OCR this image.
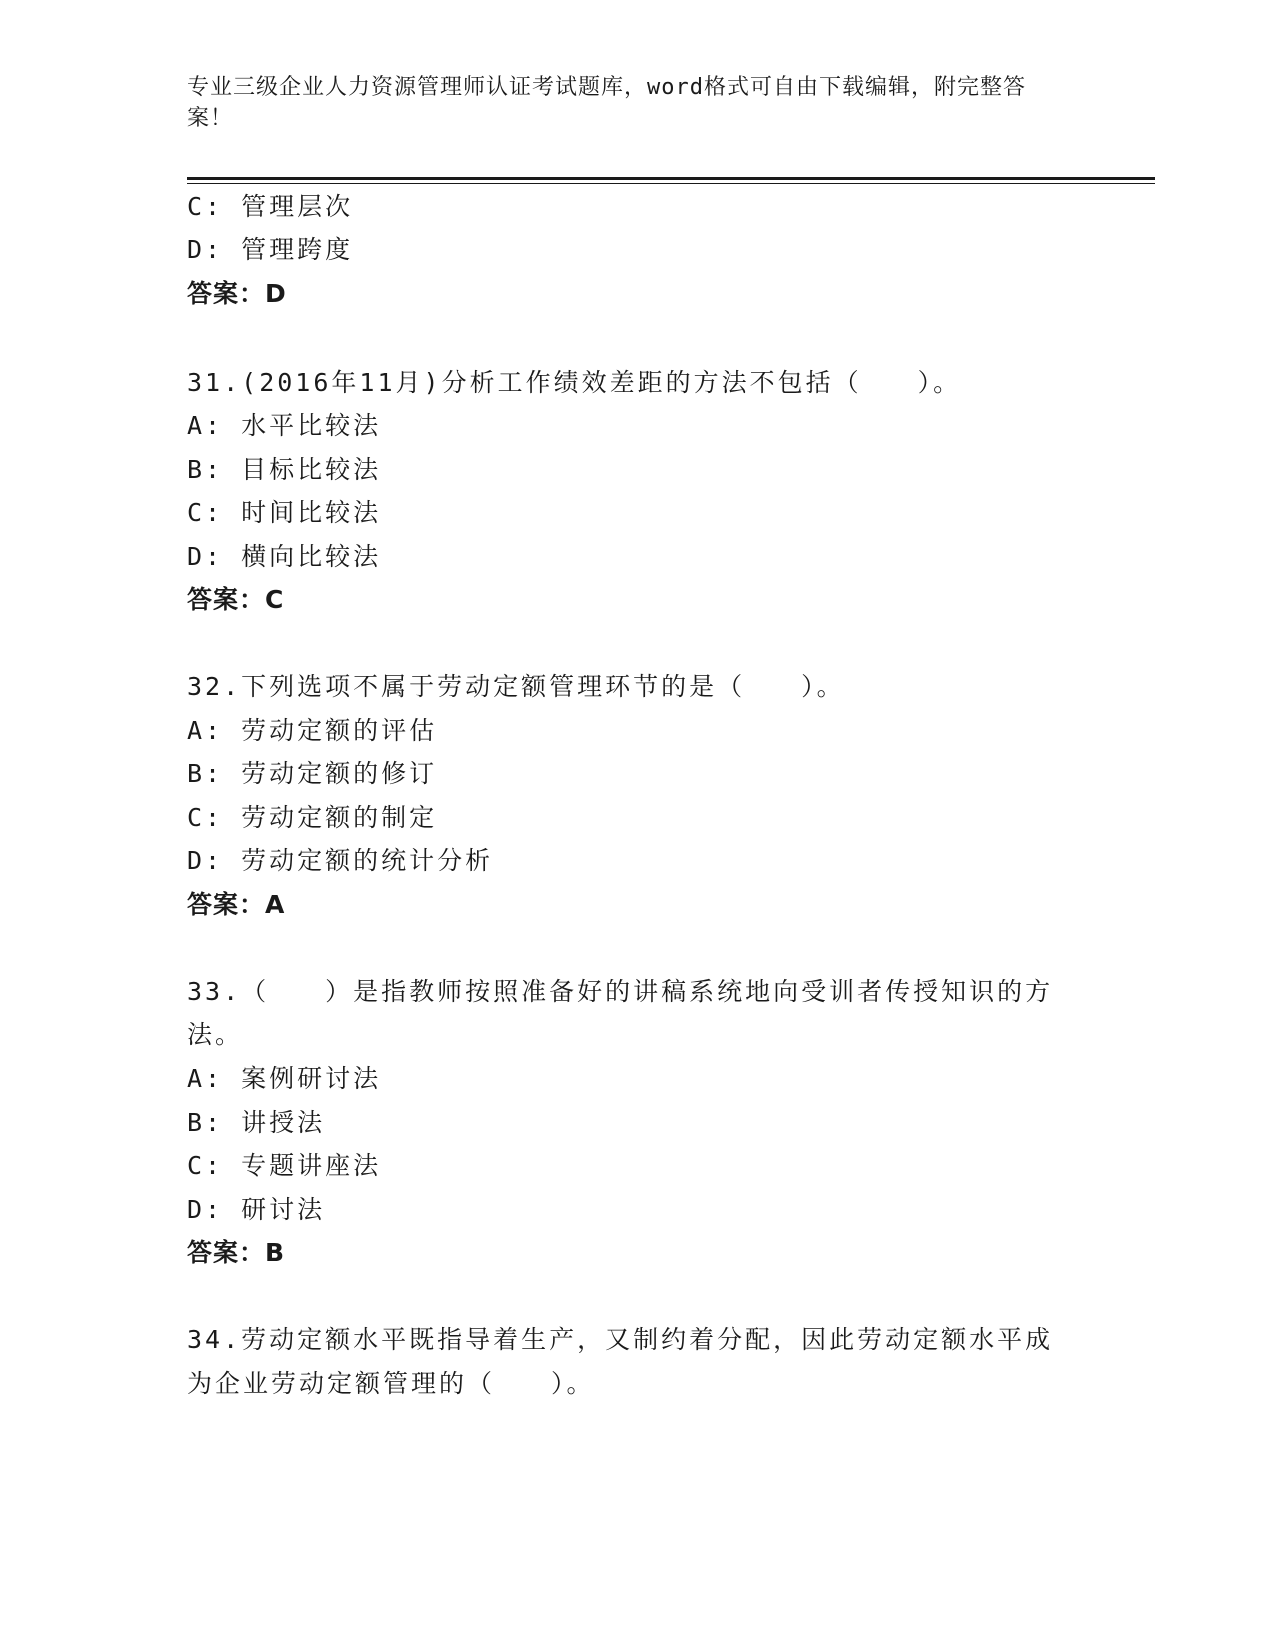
专业三级企业人力资源管理师认证考试题库，word格式可自由下载编辑，附完整答案！
C: 管理层次
D: 管理跨度
答案：D
31.(2016年11月)分析工作绩效差距的方法不包括（　　）。
A: 水平比较法
B: 目标比较法
C: 时间比较法
D: 横向比较法
答案：C
32.下列选项不属于劳动定额管理环节的是（　　）。
A: 劳动定额的评估
B: 劳动定额的修订
C: 劳动定额的制定
D: 劳动定额的统计分析
答案：A
33.（　　）是指教师按照准备好的讲稿系统地向受训者传授知识的方
法。
A: 案例研讨法
B: 讲授法
C: 专题讲座法
D: 研讨法
答案：B
34.劳动定额水平既指导着生产，又制约着分配，因此劳动定额水平成
为企业劳动定额管理的（　　）。
